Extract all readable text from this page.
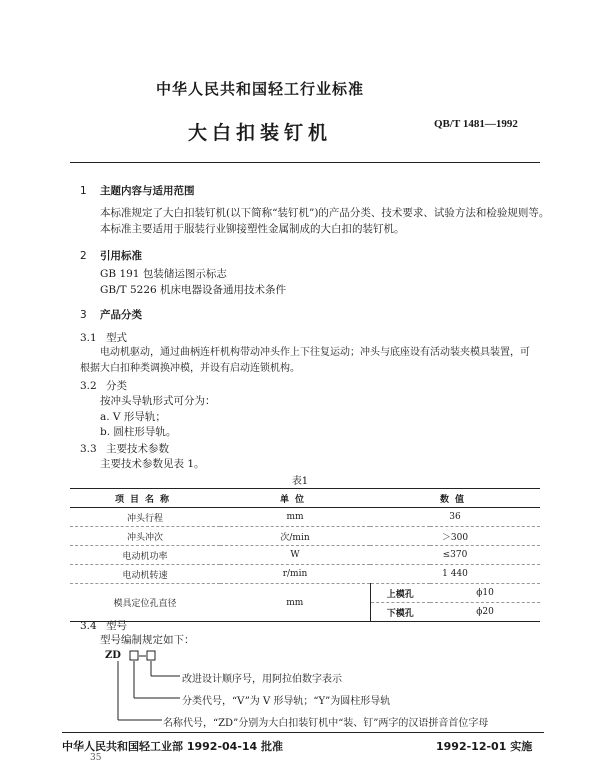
中华人民共和国轻工行业标准
大白扣装钉机	QB/T 1481—1992
1 主题内容与适用范围
本标准规定了大白扣装钉机(以下简称“装钉机”)的产品分类、技术要求、试验方法和检验规则等。
本标准主要适用于服装行业铆接塑性金属制成的大白扣的装钉机。
2 引用标准
GB 191 包装储运图示标志
GB/T 5226 机床电器设备通用技术条件
3 产品分类
3.1 型式
电动机驱动，通过曲柄连杆机构带动冲头作上下往复运动；冲头与底座设有活动装夹模具装置，可
根据大白扣种类调换冲模，并设有启动连锁机构。
3.2 分类
按冲头导轨形式可分为：
a. V 形导轨；
b. 圆柱形导轨。
3.3 主要技术参数
主要技术参数见表 1。
表1
项目名称	单位	数值	
冲头行程	mm	36	
冲头冲次	次/min	＞300	
电动机功率	W	≤370	
电动机转速	r/min	1 440	
模具定位孔直径	mm	上模孔	ϕ10
		下模孔	ϕ20
3.4 型号
型号编制规定如下：
ZD
改进设计顺序号，用阿拉伯数字表示
分类代号，“V”为 V 形导轨；“Y”为圆柱形导轨
名称代号，“ZD”分别为大白扣装钉机中“装、钉”两字的汉语拼音首位字母
中华人民共和国轻工业部 1992-04-14 批准	1992-12-01 实施
35
